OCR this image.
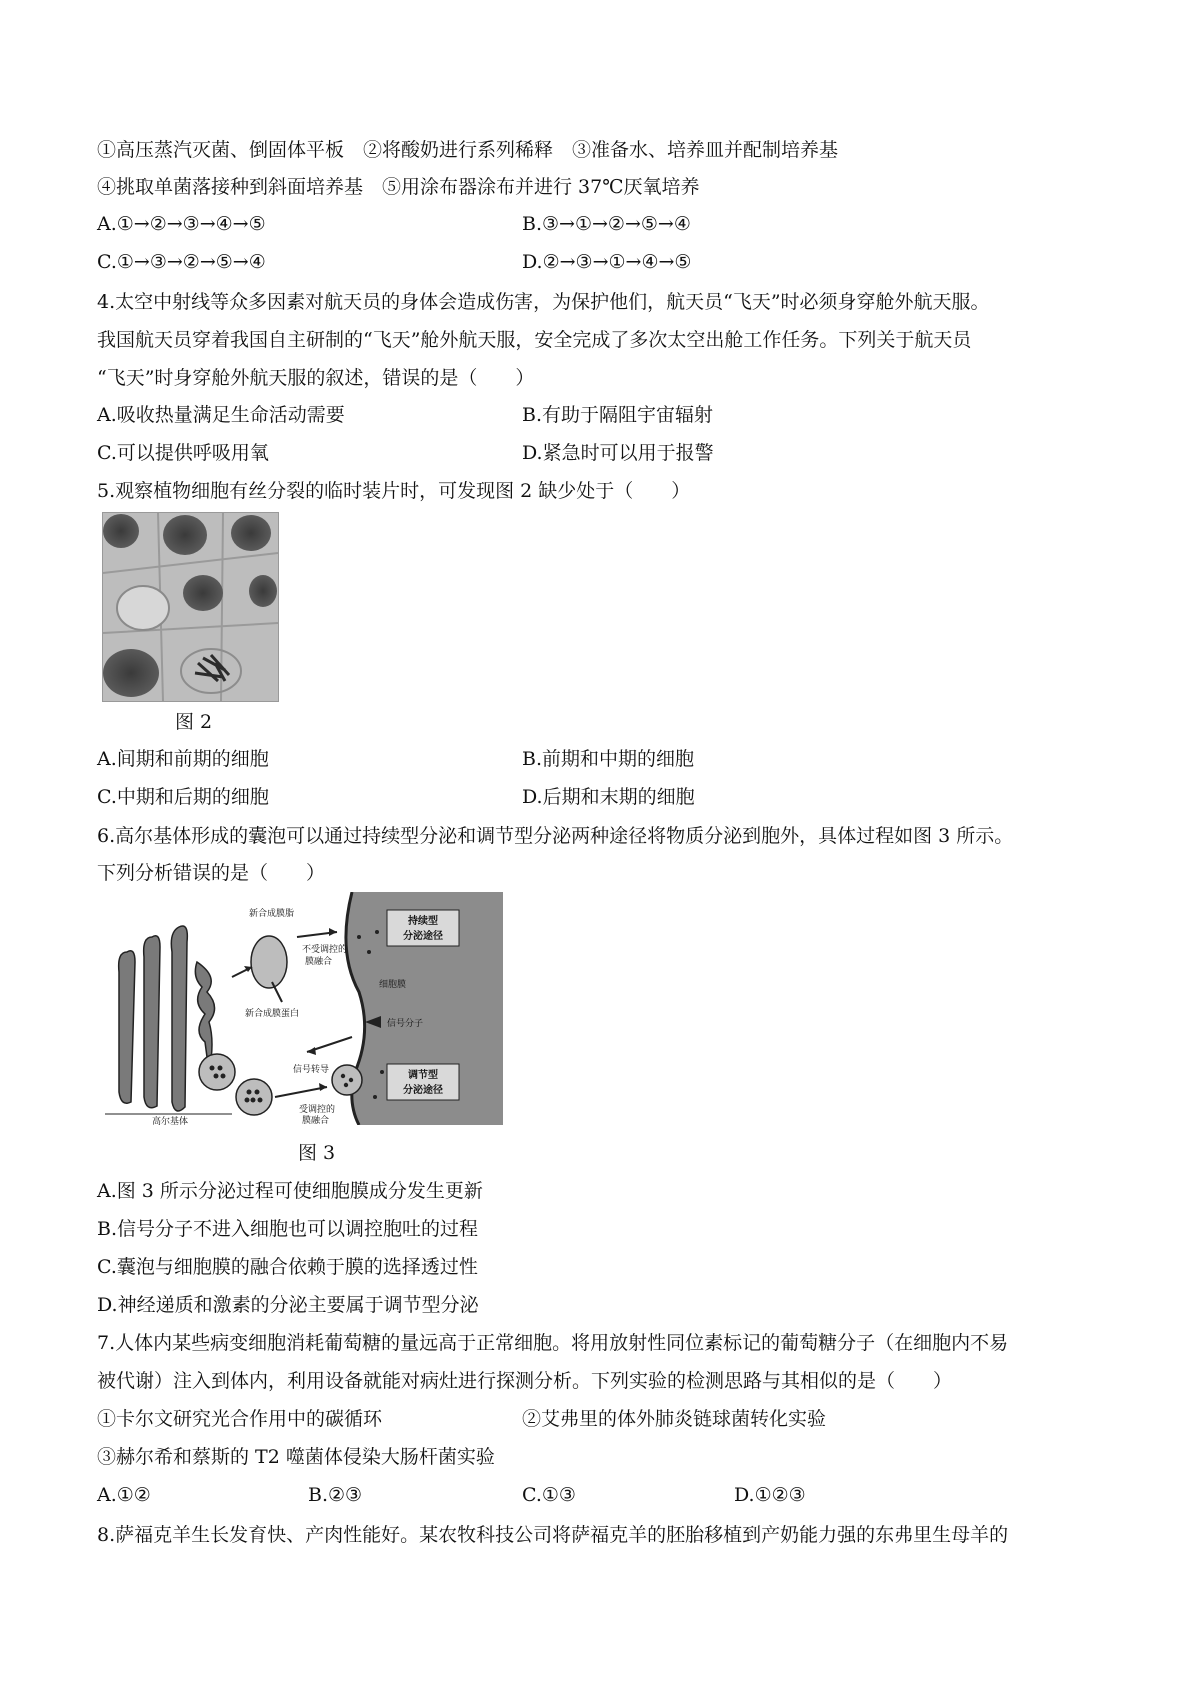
①高压蒸汽灭菌、倒固体平板　②将酸奶进行系列稀释　③准备水、培养皿并配制培养基
④挑取单菌落接种到斜面培养基　⑤用涂布器涂布并进行 37℃厌氧培养
A.①→②→③→④→⑤	B.③→①→②→⑤→④
C.①→③→②→⑤→④	D.②→③→①→④→⑤
4.太空中射线等众多因素对航天员的身体会造成伤害，为保护他们，航天员“飞天”时必须身穿舱外航天服。
我国航天员穿着我国自主研制的“飞天”舱外航天服，安全完成了多次太空出舱工作任务。下列关于航天员
“飞天”时身穿舱外航天服的叙述，错误的是（　　）
A.吸收热量满足生命活动需要	B.有助于隔阻宇宙辐射
C.可以提供呼吸用氧	D.紧急时可以用于报警
5.观察植物细胞有丝分裂的临时装片时，可发现图 2 缺少处于（　　）
图 2
A.间期和前期的细胞	B.前期和中期的细胞
C.中期和后期的细胞	D.后期和末期的细胞
6.高尔基体形成的囊泡可以通过持续型分泌和调节型分泌两种途径将物质分泌到胞外，具体过程如图 3 所示。
下列分析错误的是（　　）
持续型
分泌途径
调节型
分泌途径
新合成膜脂
不受调控的
膜融合
新合成膜蛋白
细胞膜
信号分子
信号转导
受调控的
膜融合
高尔基体
图 3
A.图 3 所示分泌过程可使细胞膜成分发生更新
B.信号分子不进入细胞也可以调控胞吐的过程
C.囊泡与细胞膜的融合依赖于膜的选择透过性
D.神经递质和激素的分泌主要属于调节型分泌
7.人体内某些病变细胞消耗葡萄糖的量远高于正常细胞。将用放射性同位素标记的葡萄糖分子（在细胞内不易
被代谢）注入到体内，利用设备就能对病灶进行探测分析。下列实验的检测思路与其相似的是（　　）
①卡尔文研究光合作用中的碳循环	②艾弗里的体外肺炎链球菌转化实验
③赫尔希和蔡斯的 T2 噬菌体侵染大肠杆菌实验
A.①②	B.②③	C.①③	D.①②③
8.萨福克羊生长发育快、产肉性能好。某农牧科技公司将萨福克羊的胚胎移植到产奶能力强的东弗里生母羊的
